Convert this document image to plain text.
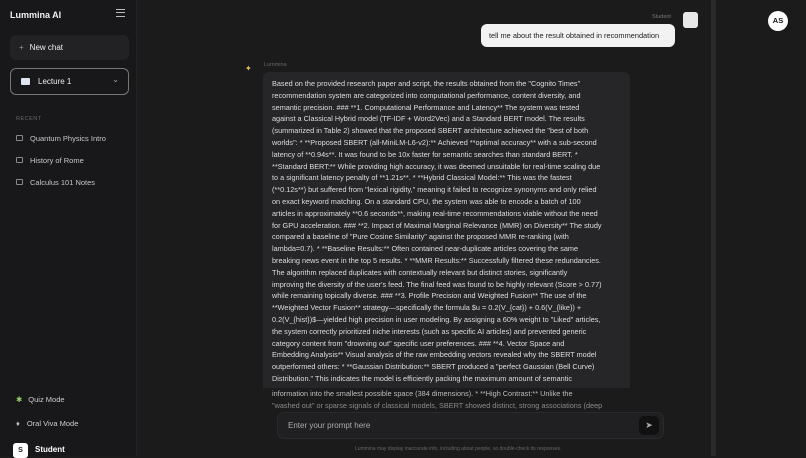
Lummina AI
+ New chat
Lecture 1	⌄
RECENT
Quantum Physics Intro
History of Rome
Calculus 101 Notes
✱ Quiz Mode
♦ Oral Viva Mode
S Student
AS
Student
tell me about the result obtained in recommendation
✦ Lummina
Based on the provided research paper and script, the results obtained from the "Cognito Times"
recommendation system are categorized into computational performance, content diversity, and
semantic precision. ### **1. Computational Performance and Latency** The system was tested
against a Classical Hybrid model (TF-IDF + Word2Vec) and a Standard BERT model. The results
(summarized in Table 2) showed that the proposed SBERT architecture achieved the "best of both
worlds": * **Proposed SBERT (all-MiniLM-L6-v2):** Achieved **optimal accuracy** with a sub-second
latency of **0.94s**. It was found to be 10x faster for semantic searches than standard BERT. *
**Standard BERT:** While providing high accuracy, it was deemed unsuitable for real-time scaling due
to a significant latency penalty of **1.21s**. * **Hybrid Classical Model:** This was the fastest
(**0.12s**) but suffered from "lexical rigidity," meaning it failed to recognize synonyms and only relied
on exact keyword matching. On a standard CPU, the system was able to encode a batch of 100
articles in approximately **0.6 seconds**, making real-time recommendations viable without the need
for GPU acceleration. ### **2. Impact of Maximal Marginal Relevance (MMR) on Diversity** The study
compared a baseline of "Pure Cosine Similarity" against the proposed MMR re-ranking (with
lambda=0.7). * **Baseline Results:** Often contained near-duplicate articles covering the same
breaking news event in the top 5 results. * **MMR Results:** Successfully filtered these redundancies.
The algorithm replaced duplicates with contextually relevant but distinct stories, significantly
improving the diversity of the user's feed. The final feed was found to be highly relevant (Score > 0.77)
while remaining topically diverse. ### **3. Profile Precision and Weighted Fusion** The use of the
**Weighted Vector Fusion** strategy—specifically the formula $u = 0.2(V_{cat}) + 0.6(V_{like}) +
0.2(V_{hist})$—yielded high precision in user modeling. By assigning a 60% weight to "Liked" articles,
the system correctly prioritized niche interests (such as specific AI articles) and prevented generic
category content from "drowning out" specific user preferences. ### **4. Vector Space and
Embedding Analysis** Visual analysis of the raw embedding vectors revealed why the SBERT model
outperformed others: * **Gaussian Distribution:** SBERT produced a "perfect Gaussian (Bell Curve)
Distribution." This indicates the model is efficiently packing the maximum amount of semantic
information into the smallest possible space (384 dimensions). * **High Contrast:** Unlike the
"washed out" or sparse signals of classical models, SBERT showed distinct, strong associations (deep
Enter your prompt here
➤
Lummina may display inaccurate info, including about people, so double-check its responses.
